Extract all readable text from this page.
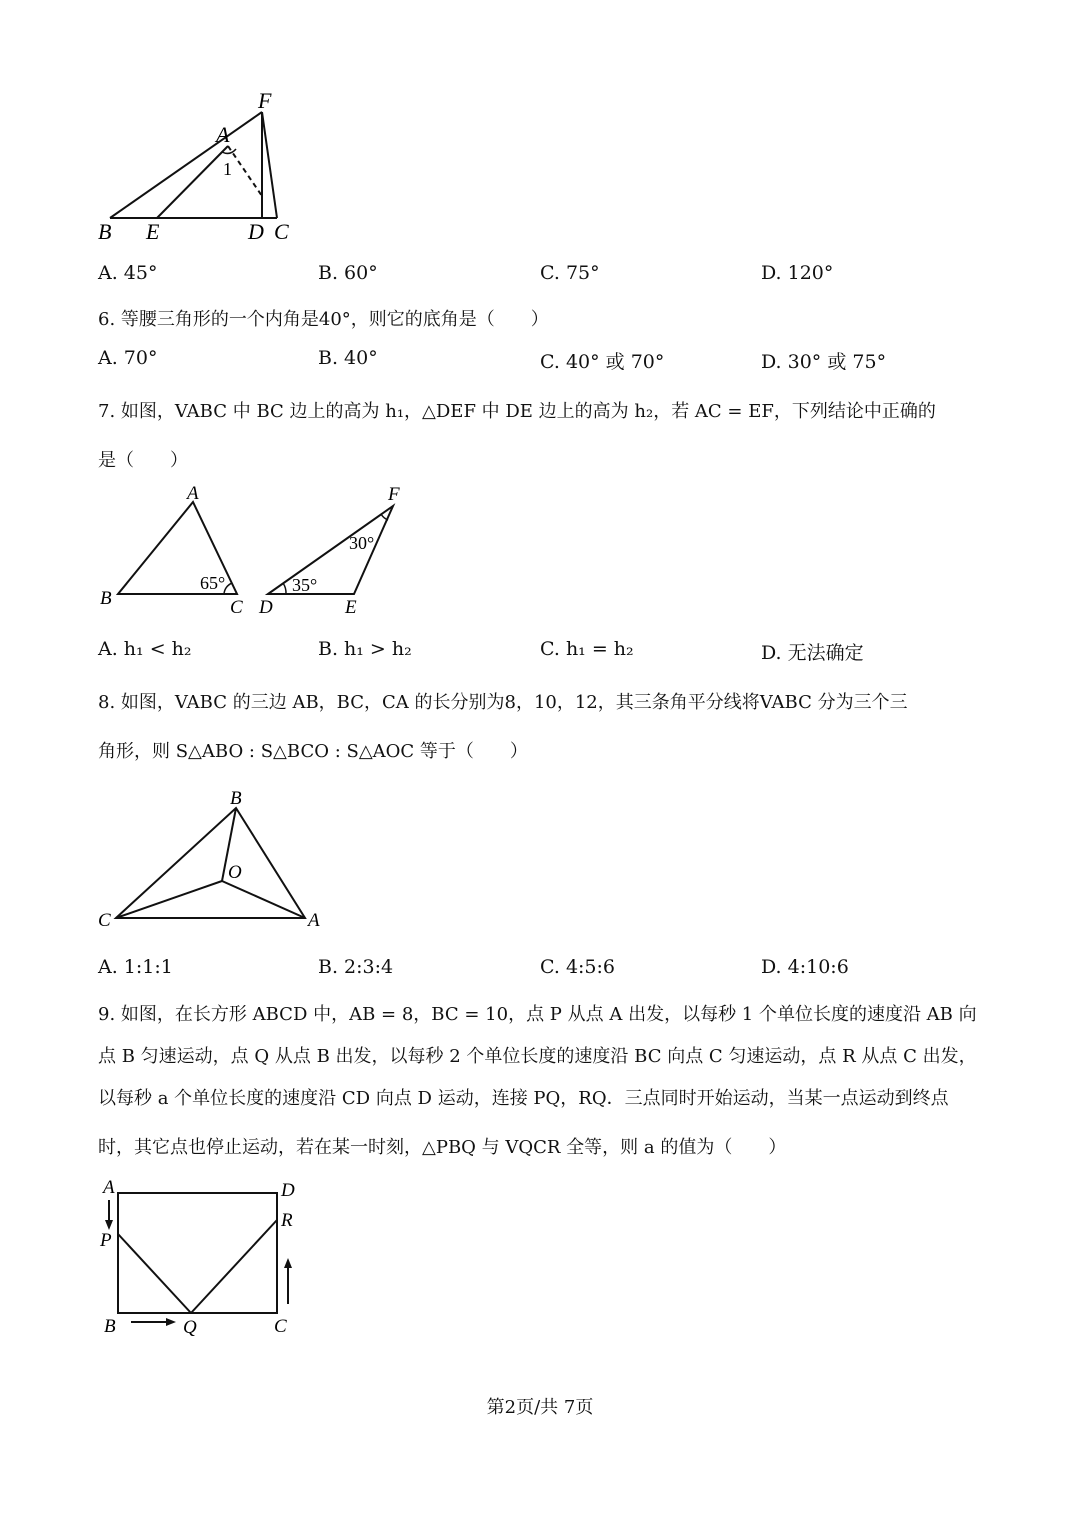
F
A
1
B E	D C
A. 45°	B. 60°	C. 75°	D. 120°
6. 等腰三角形的一个内角是40°，则它的底角是（　　）
A. 70°	B. 40°	C. 40° 或 70°	D. 30° 或 75°
7. 如图，VABC 中 BC 边上的高为 h₁，△DEF 中 DE 边上的高为 h₂，若 AC = EF，下列结论中正确的
是（　　）
A
B	C
65°
F
D	E
30°
35°
A. h₁ < h₂	B. h₁ > h₂	C. h₁ = h₂	D. 无法确定
8. 如图，VABC 的三边 AB，BC，CA 的长分别为8，10，12，其三条角平分线将VABC 分为三个三
角形，则 S△ABO : S△BCO : S△AOC 等于（　　）
B
O
C	A
A. 1:1:1	B. 2:3:4	C. 4:5:6	D. 4:10:6
9. 如图，在长方形 ABCD 中，AB = 8，BC = 10，点 P 从点 A 出发，以每秒 1 个单位长度的速度沿 AB 向
点 B 匀速运动，点 Q 从点 B 出发，以每秒 2 个单位长度的速度沿 BC 向点 C 匀速运动，点 R 从点 C 出发，
以每秒 a 个单位长度的速度沿 CD 向点 D 运动，连接 PQ，RQ．三点同时开始运动，当某一点运动到终点
时，其它点也停止运动，若在某一时刻，△PBQ 与 VQCR 全等，则 a 的值为（　　）
A	D
R
P
B	Q	C
第2页/共 7页
